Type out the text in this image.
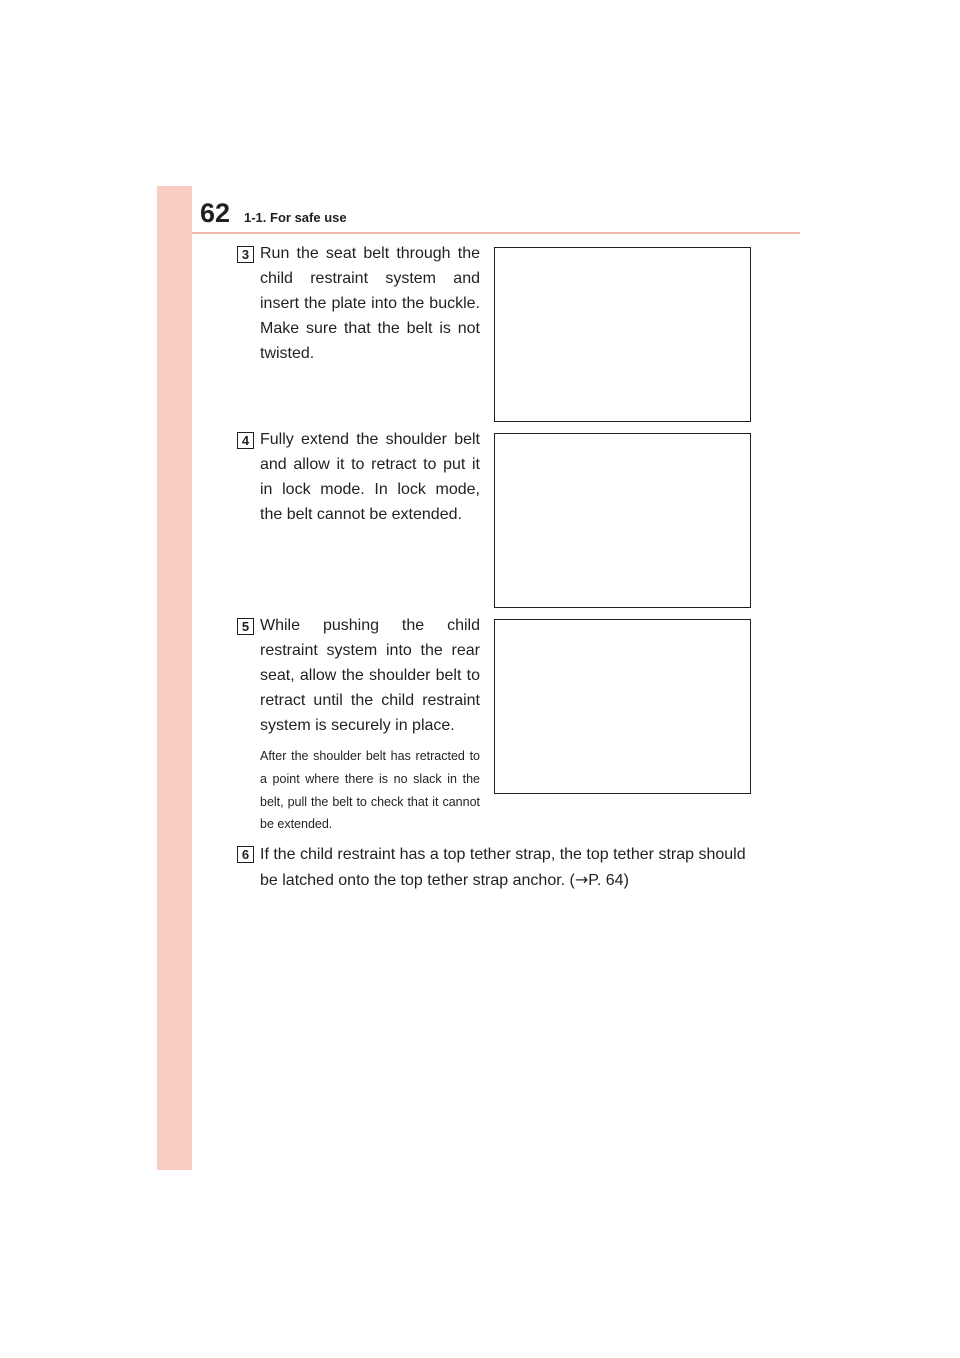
62 1-1. For safe use
3 Run the seat belt through the child restraint system and insert the plate into the buckle. Make sure that the belt is not twisted.
4 Fully extend the shoulder belt and allow it to retract to put it in lock mode. In lock mode, the belt cannot be extended.
5 While pushing the child restraint system into the rear seat, allow the shoulder belt to retract until the child restraint system is securely in place.
After the shoulder belt has retracted to a point where there is no slack in the belt, pull the belt to check that it cannot be extended.
6 If the child restraint has a top tether strap, the top tether strap should be latched onto the top tether strap anchor. (→P. 64)
